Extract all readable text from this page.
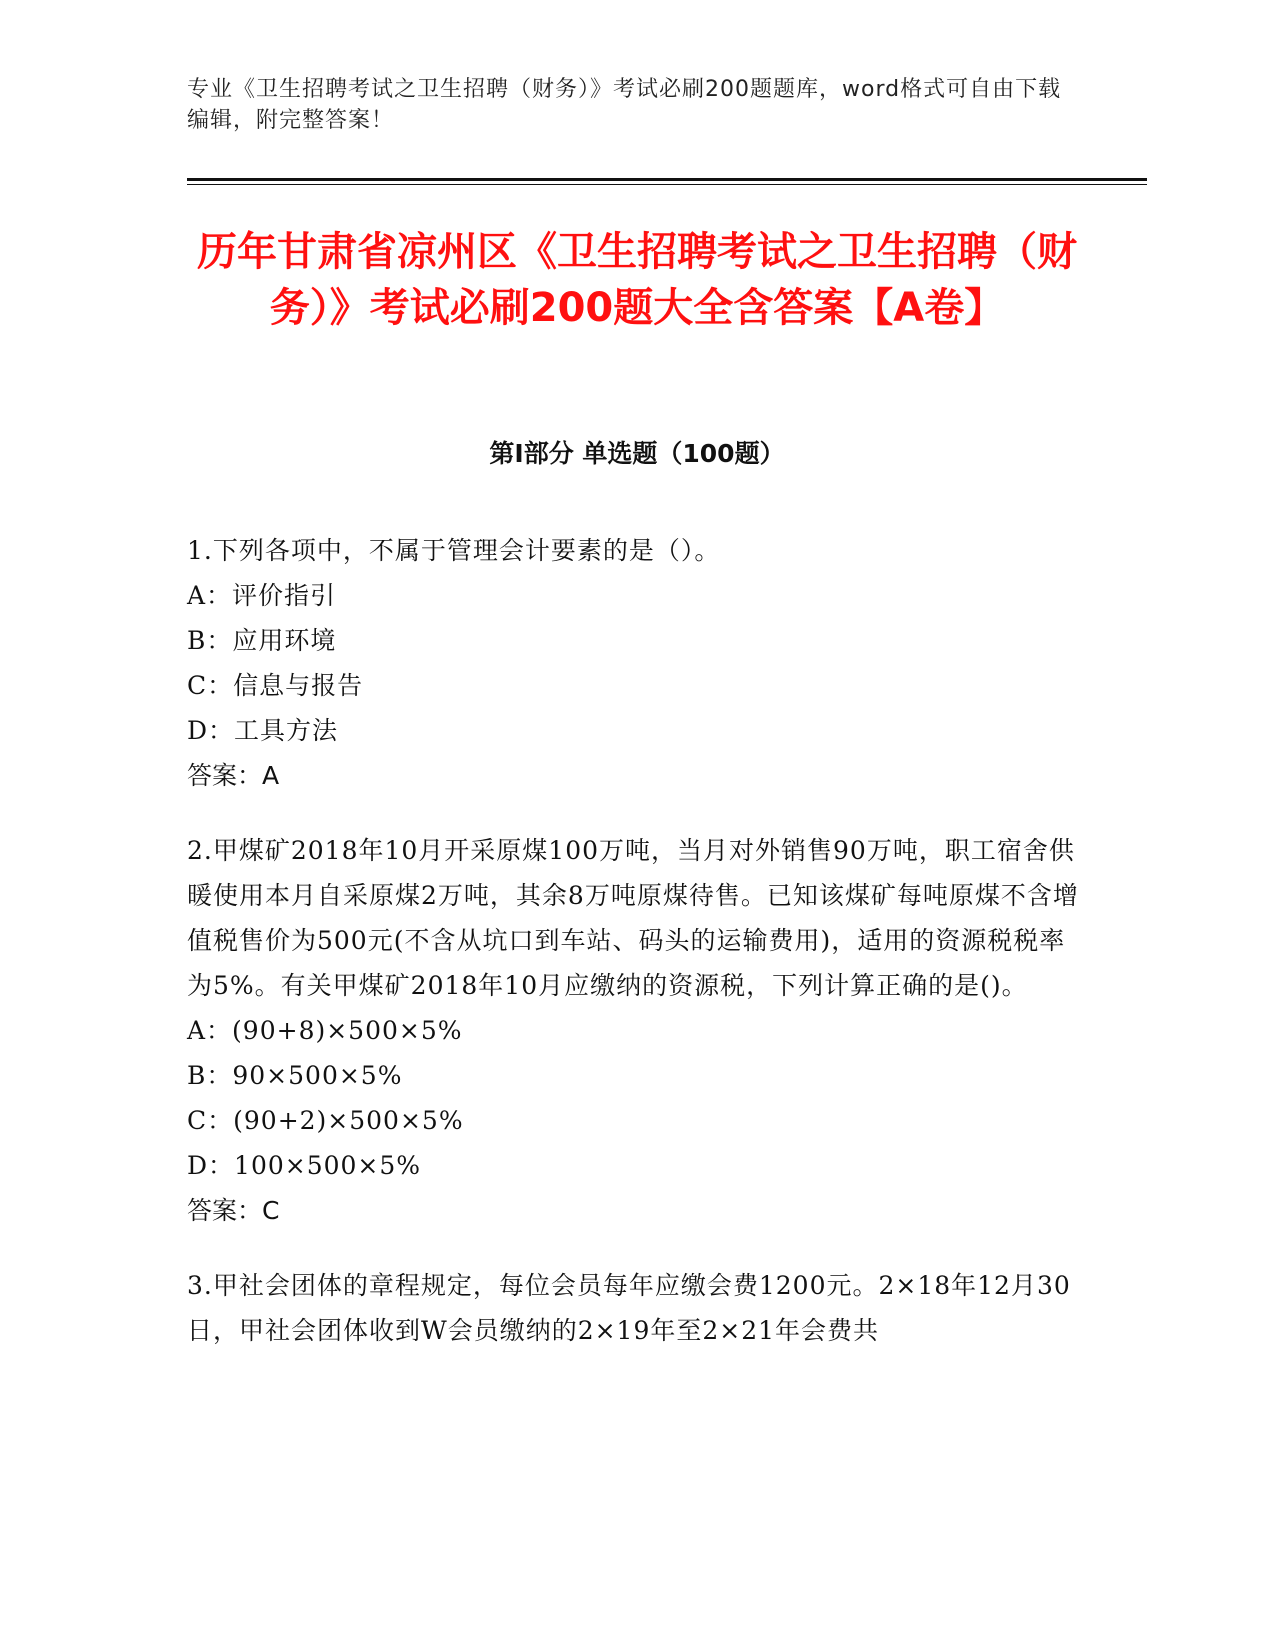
专业《卫生招聘考试之卫生招聘（财务）》考试必刷200题题库，word格式可自由下载编辑，附完整答案！
历年甘肃省凉州区《卫生招聘考试之卫生招聘（财务）》考试必刷200题大全含答案【A卷】
第Ⅰ部分 单选题（100题）
1.下列各项中，不属于管理会计要素的是（）。
A：评价指引
B：应用环境
C：信息与报告
D：工具方法
答案：A
2.甲煤矿2018年10月开采原煤100万吨，当月对外销售90万吨，职工宿舍供暖使用本月自采原煤2万吨，其余8万吨原煤待售。已知该煤矿每吨原煤不含增值税售价为500元(不含从坑口到车站、码头的运输费用)，适用的资源税税率为5%。有关甲煤矿2018年10月应缴纳的资源税，下列计算正确的是()。
A：(90+8)×500×5%
B：90×500×5%
C：(90+2)×500×5%
D：100×500×5%
答案：C
3.甲社会团体的章程规定，每位会员每年应缴会费1200元。2×18年12月30日，甲社会团体收到W会员缴纳的2×19年至2×21年会费共
